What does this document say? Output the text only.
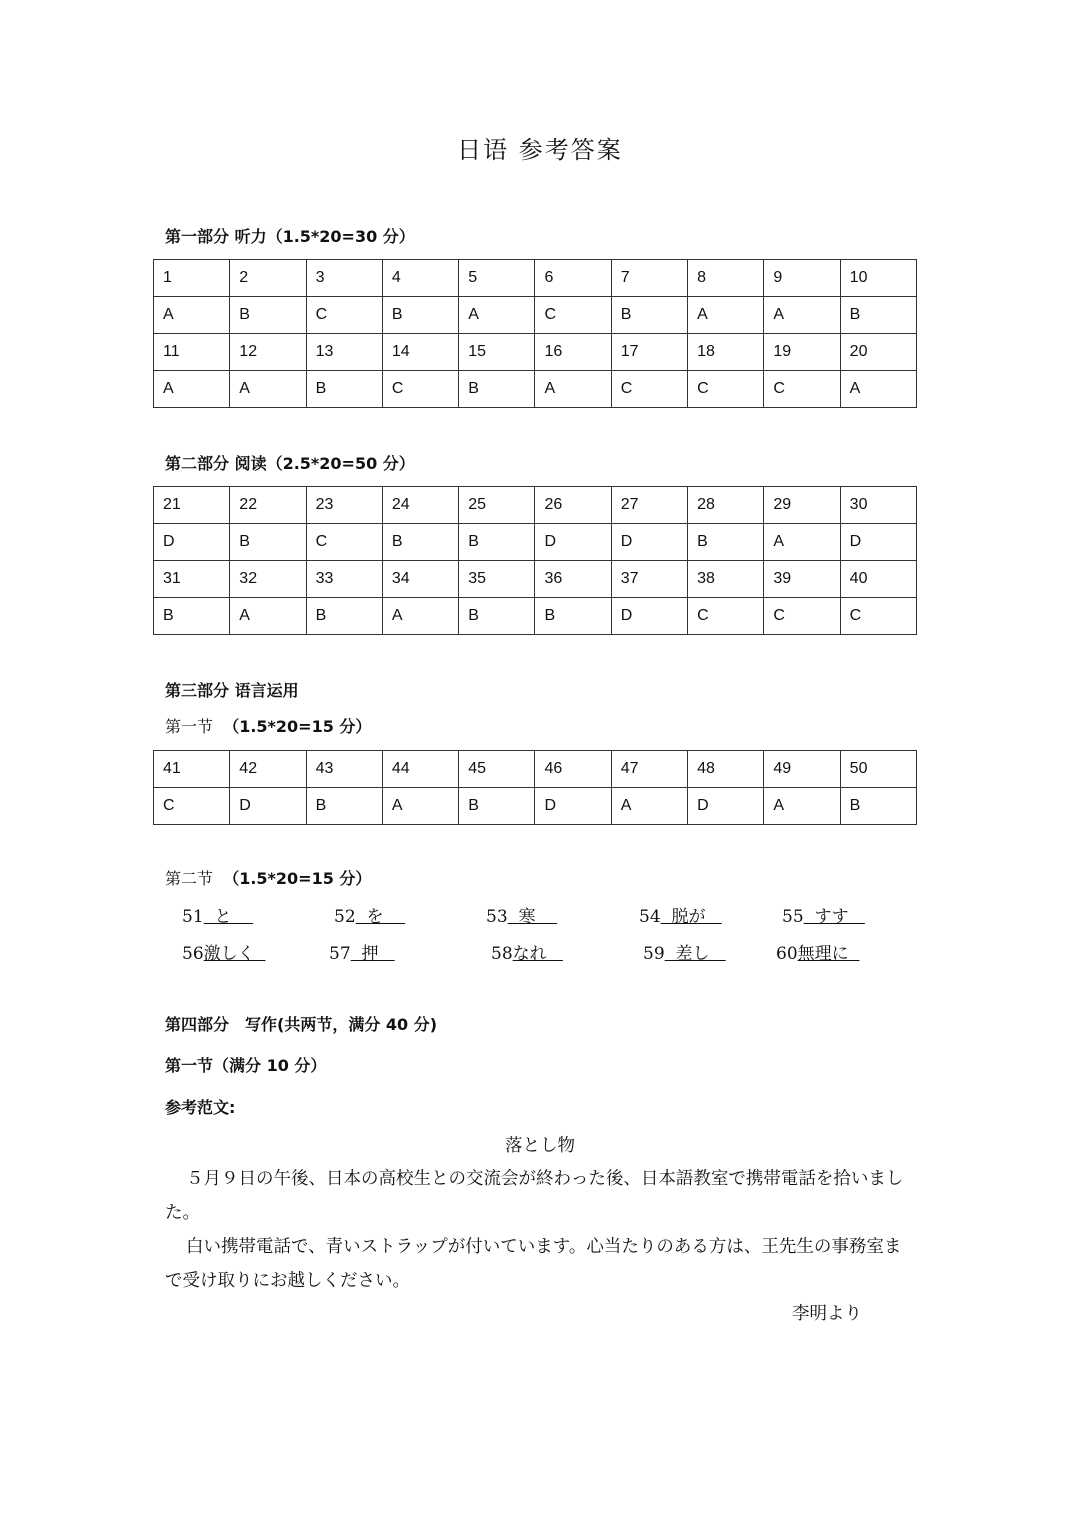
日语 参考答案
第一部分 听力（1.5*20=30 分）
1	2	3	4	5	6	7	8	9	10
A	B	C	B	A	C	B	A	A	B
11	12	13	14	15	16	17	18	19	20
A	A	B	C	B	A	C	C	C	A
第二部分 阅读（2.5*20=50 分）
21	22	23	24	25	26	27	28	29	30
D	B	C	B	B	D	D	B	A	D
31	32	33	34	35	36	37	38	39	40
B	A	B	A	B	B	D	C	C	C
第三部分 语言运用
第一节 （1.5*20=15 分）
41	42	43	44	45	46	47	48	49	50
C	D	B	A	B	D	A	D	A	B
第二节 （1.5*20=15 分）
51  と	52  を	53  寒	54  脱が	55  すす
56激しく	57  押	58なれ	59  差し	60無理に
第四部分　写作(共两节，满分 40 分)
第一节（满分 10 分）
参考范文:
落とし物

５月９日の午後、日本の高校生との交流会が終わった後、日本語教室で携帯電話を拾いました。

白い携帯電話で、青いストラップが付いています。心当たりのある方は、王先生の事務室まで受け取りにお越しください。

李明より
